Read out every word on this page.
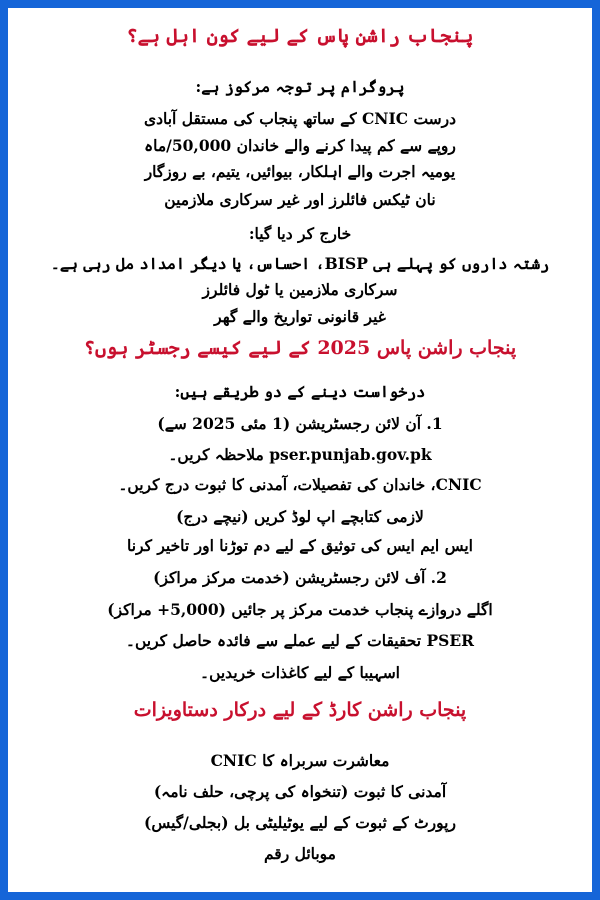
پنجاب راشن پاس کے لیے کون اہل ہے؟
پروگرام پر توجہ مرکوز ہے:
درست CNIC کے ساتھ پنجاب کی مستقل آبادی
روپے سے کم پیدا کرنے والے خاندان 50,000/ماہ
یومیہ اجرت والے اہلکار، بیوائیں، یتیم، بے روزگار
نان ٹیکس فائلرز اور غیر سرکاری ملازمین
خارج کر دیا گیا:
رشتہ داروں کو پہلے ہی BISP، احساس، یا دیگر امداد مل رہی ہے۔
سرکاری ملازمین یا ٹول فائلرز
غیر قانونی تواریخ والے گھر
پنجاب راشن پاس 2025 کے لیے کیسے رجسٹر ہوں؟
درخواست دینے کے دو طریقے ہیں:
1. آن لائن رجسٹریشن (1 مئی 2025 سے)
pser.punjab.gov.pk ملاحظہ کریں۔
CNIC، خاندان کی تفصیلات، آمدنی کا ثبوت درج کریں۔
لازمی کتابچے اپ لوڈ کریں (نیچے درج)
ایس ایم ایس کی توثیق کے لیے دم توڑنا اور تاخیر کرنا
2. آف لائن رجسٹریشن (خدمت مرکز مراکز)
اگلے دروازے پنجاب خدمت مرکز پر جائیں (5,000+ مراکز)
PSER تحقیقات کے لیے عملے سے فائدہ حاصل کریں۔
اسہیبا کے لیے کاغذات خریدیں۔
پنجاب راشن کارڈ کے لیے درکار دستاویزات
معاشرت سربراہ کا CNIC
آمدنی کا ثبوت (تنخواہ کی پرچی، حلف نامہ)
رپورٹ کے ثبوت کے لیے یوٹیلیٹی بل (بجلی/گیس)
موبائل رقم
